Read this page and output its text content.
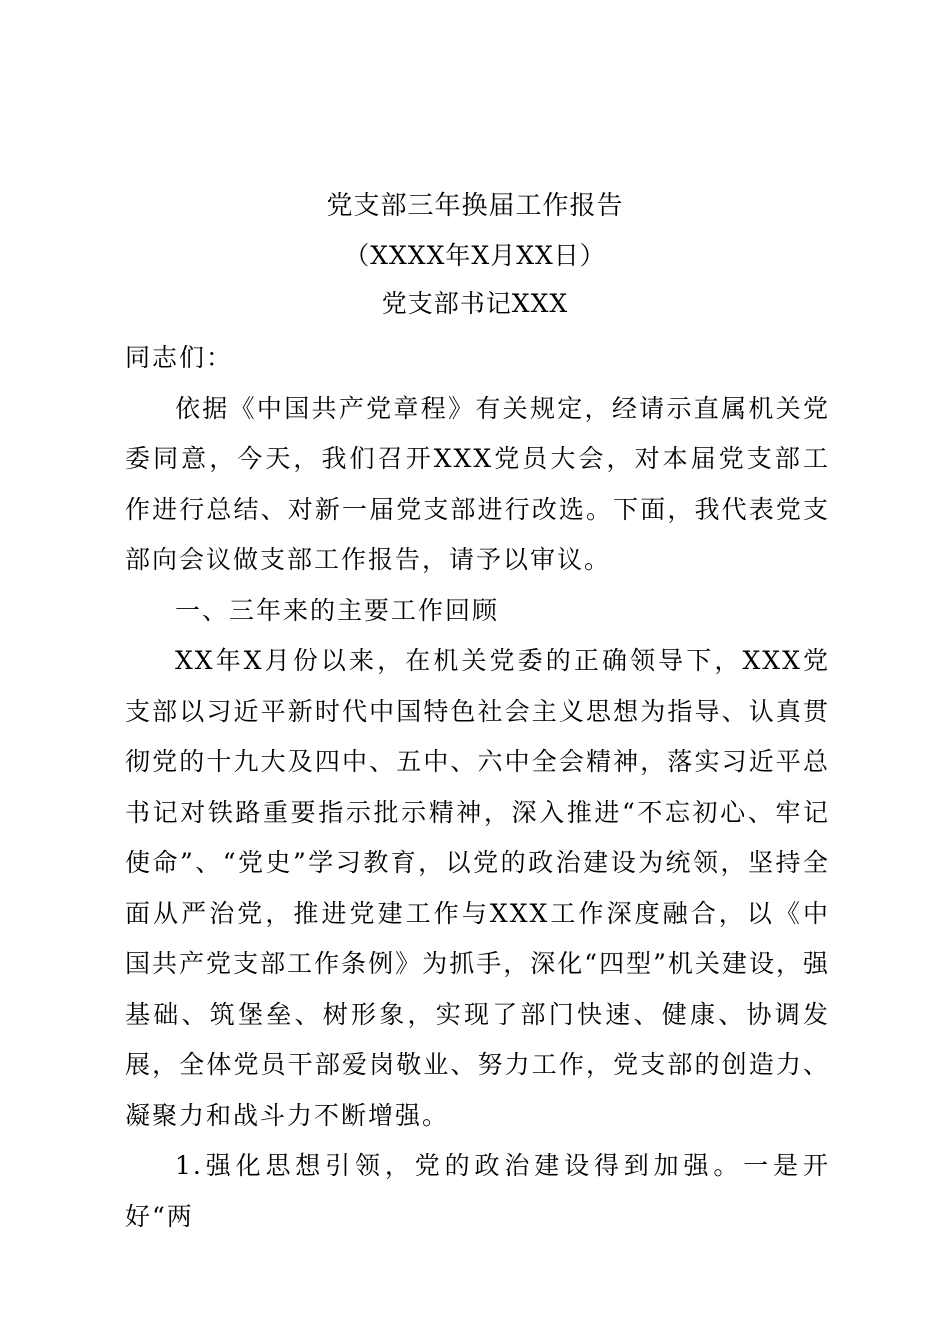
党支部三年换届工作报告
（XXXX年X月XX日）
党支部书记XXX

同志们：

依据《中国共产党章程》有关规定，经请示直属机关党委同意，今天，我们召开XXX党员大会，对本届党支部工作进行总结、对新一届党支部进行改选。下面，我代表党支部向会议做支部工作报告，请予以审议。

一、三年来的主要工作回顾

XX年X月份以来，在机关党委的正确领导下，XXX党支部以习近平新时代中国特色社会主义思想为指导、认真贯彻党的十九大及四中、五中、六中全会精神，落实习近平总书记对铁路重要指示批示精神，深入推进“不忘初心、牢记使命”、“党史”学习教育，以党的政治建设为统领，坚持全面从严治党，推进党建工作与XXX工作深度融合，以《中国共产党支部工作条例》为抓手，深化“四型”机关建设，强基础、筑堡垒、树形象，实现了部门快速、健康、协调发展，全体党员干部爱岗敬业、努力工作，党支部的创造力、凝聚力和战斗力不断增强。

1.强化思想引领，党的政治建设得到加强。一是开好“两
